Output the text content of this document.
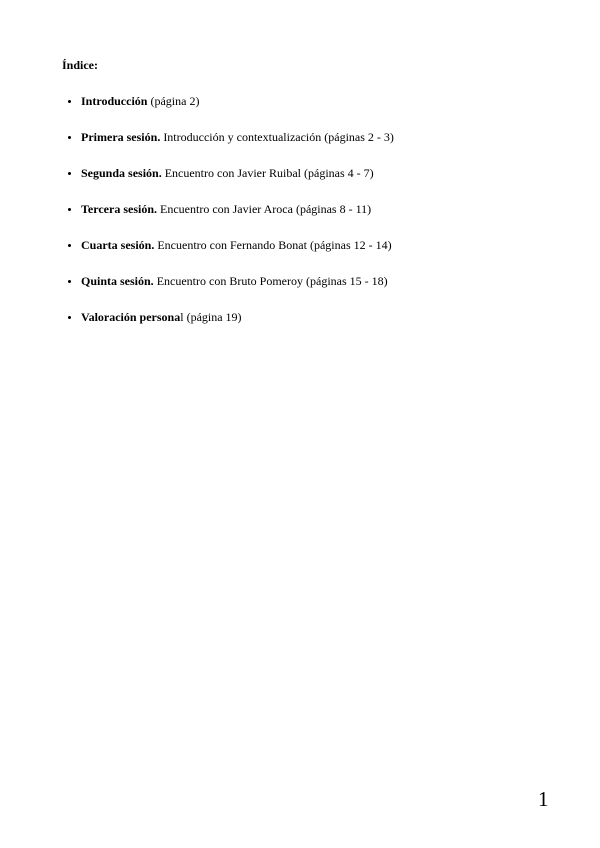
Índice:
Introducción (página 2)
Primera sesión. Introducción y contextualización (páginas 2 - 3)
Segunda sesión. Encuentro con Javier Ruibal (páginas 4 - 7)
Tercera sesión. Encuentro con Javier Aroca (páginas 8 - 11)
Cuarta sesión. Encuentro con Fernando Bonat (páginas 12 - 14)
Quinta sesión. Encuentro con Bruto Pomeroy (páginas 15 - 18)
Valoración personal (página 19)
1
